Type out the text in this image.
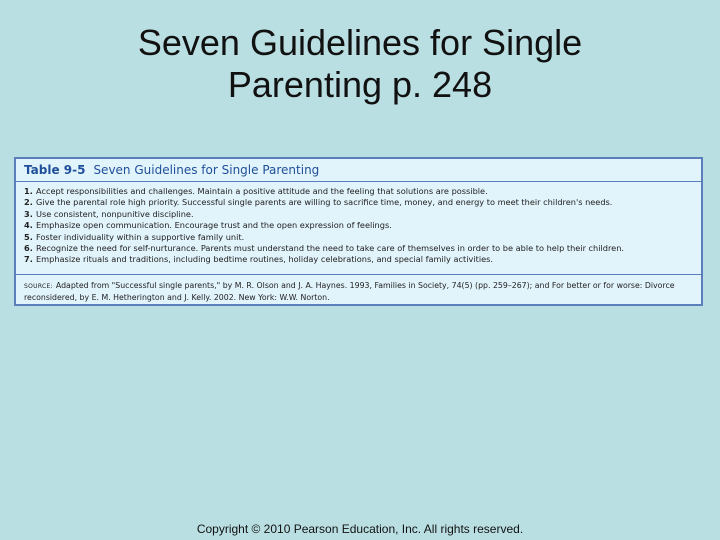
Seven Guidelines for Single
Parenting p. 248
Table 9-5 Seven Guidelines for Single Parenting
1. Accept responsibilities and challenges. Maintain a positive attitude and the feeling that solutions are possible.
2. Give the parental role high priority. Successful single parents are willing to sacrifice time, money, and energy to meet their children's needs.
3. Use consistent, nonpunitive discipline.
4. Emphasize open communication. Encourage trust and the open expression of feelings.
5. Foster individuality within a supportive family unit.
6. Recognize the need for self-nurturance. Parents must understand the need to take care of themselves in order to be able to help their children.
7. Emphasize rituals and traditions, including bedtime routines, holiday celebrations, and special family activities.
SOURCE: Adapted from "Successful single parents," by M. R. Olson and J. A. Haynes. 1993, Families in Society, 74(5) (pp. 259–267); and For better or for worse: Divorce
reconsidered, by E. M. Hetherington and J. Kelly. 2002. New York: W.W. Norton.
Copyright © 2010 Pearson Education, Inc. All rights reserved.
